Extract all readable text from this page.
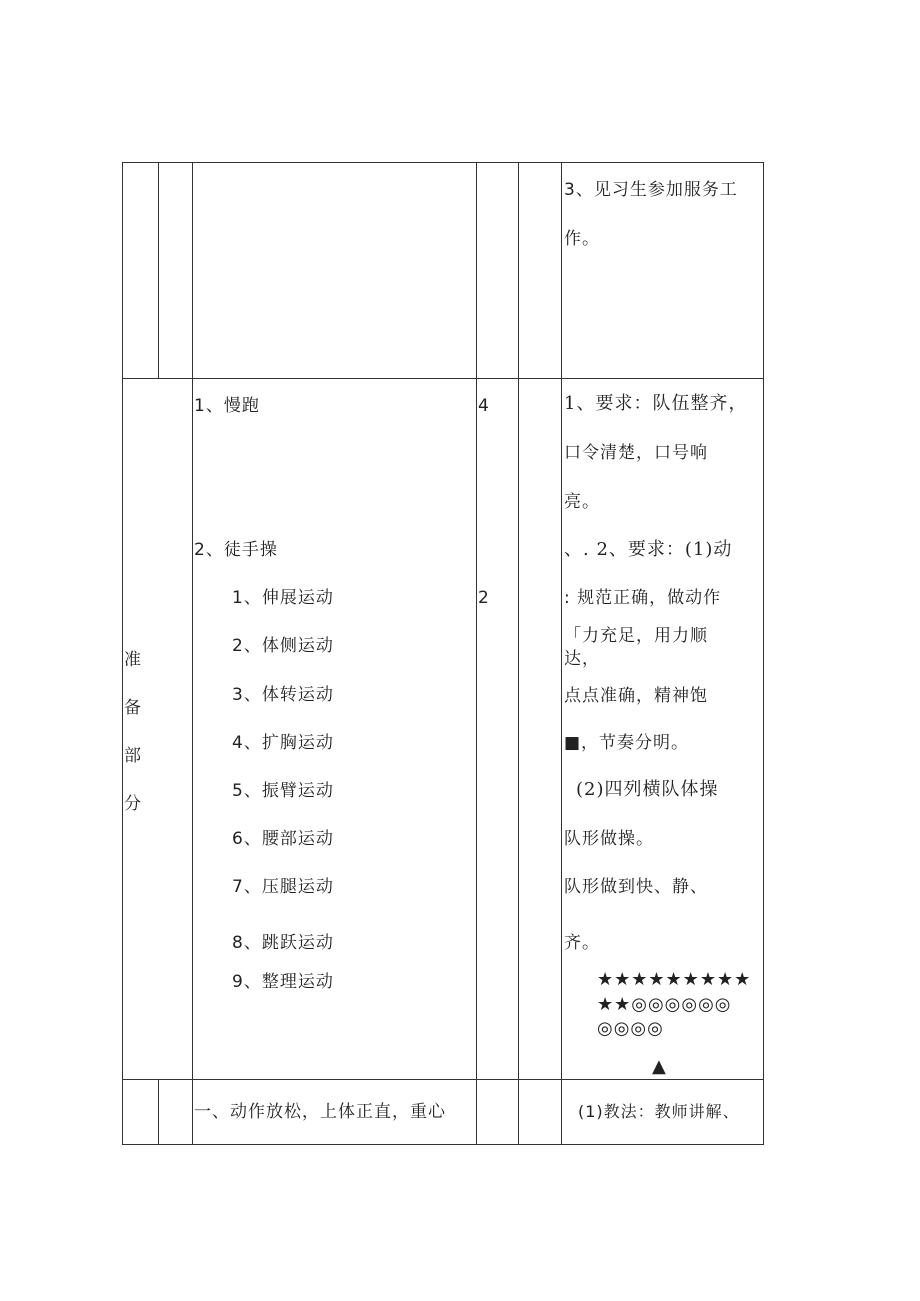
3、见习生参加服务工
作。
准
备
部
分
1、慢跑
2、徒手操
1、伸展运动
2、体侧运动
3、体转运动
4、扩胸运动
5、振臂运动
6、腰部运动
7、压腿运动
8、跳跃运动
9、整理运动
4
2
1、要求：队伍整齐，
口令清楚，口号响
亮。
、. 2、要求：(1)动
: 规范正确，做动作
「力充足，用力顺
达，
点点准确，精神饱
■，节奏分明。
(2)四列横队体操
队形做操。
队形做到快、静、
齐。
★★★★★★★★★
★★◎◎◎◎◎◎
◎◎◎◎
▲
一、动作放松，上体正直，重心	(1)教法：教师讲解、
